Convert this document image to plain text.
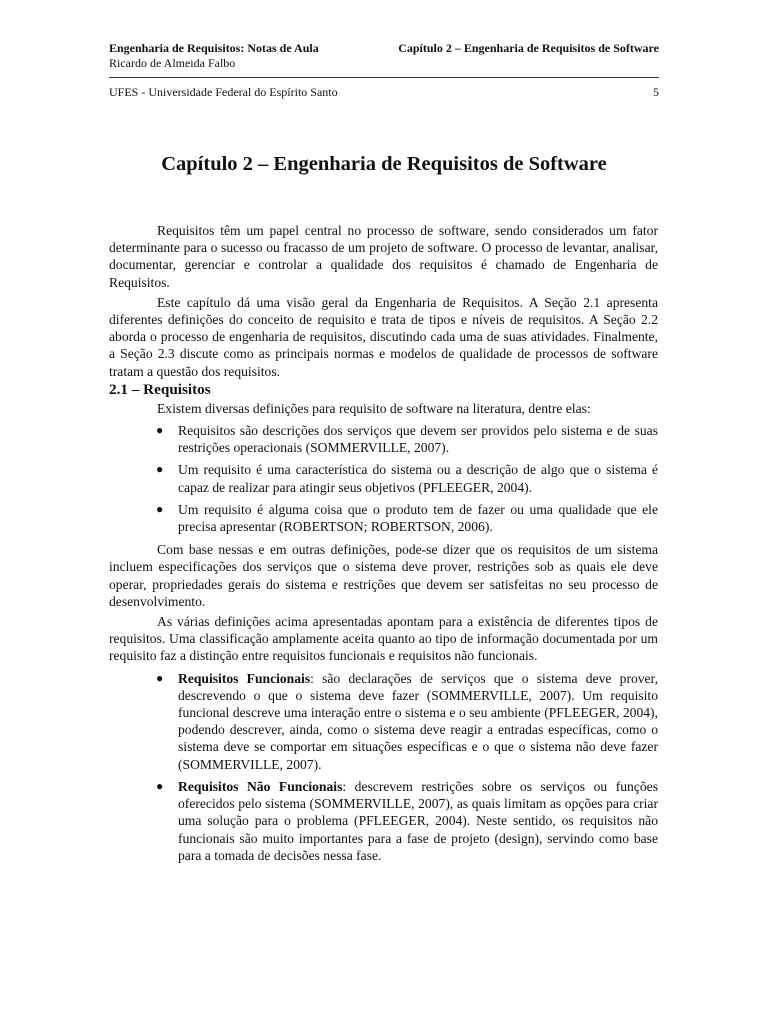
Engenharia de Requisitos: Notas de Aula	Capítulo 2 – Engenharia de Requisitos de Software
Ricardo de Almeida Falbo
UFES - Universidade Federal do Espírito Santo	5
Capítulo 2 – Engenharia de Requisitos de Software

Requisitos têm um papel central no processo de software, sendo considerados um fator determinante para o sucesso ou fracasso de um projeto de software. O processo de levantar, analisar, documentar, gerenciar e controlar a qualidade dos requisitos é chamado de Engenharia de Requisitos.

Este capítulo dá uma visão geral da Engenharia de Requisitos. A Seção 2.1 apresenta diferentes definições do conceito de requisito e trata de tipos e níveis de requisitos. A Seção 2.2 aborda o processo de engenharia de requisitos, discutindo cada uma de suas atividades. Finalmente, a Seção 2.3 discute como as principais normas e modelos de qualidade de processos de software tratam a questão dos requisitos.

2.1 – Requisitos

Existem diversas definições para requisito de software na literatura, dentre elas:

● Requisitos são descrições dos serviços que devem ser providos pelo sistema e de suas restrições operacionais (SOMMERVILLE, 2007).
● Um requisito é uma característica do sistema ou a descrição de algo que o sistema é capaz de realizar para atingir seus objetivos (PFLEEGER, 2004).
● Um requisito é alguma coisa que o produto tem de fazer ou uma qualidade que ele precisa apresentar (ROBERTSON; ROBERTSON, 2006).

Com base nessas e em outras definições, pode-se dizer que os requisitos de um sistema incluem especificações dos serviços que o sistema deve prover, restrições sob as quais ele deve operar, propriedades gerais do sistema e restrições que devem ser satisfeitas no seu processo de desenvolvimento.

As várias definições acima apresentadas apontam para a existência de diferentes tipos de requisitos. Uma classificação amplamente aceita quanto ao tipo de informação documentada por um requisito faz a distinção entre requisitos funcionais e requisitos não funcionais.

● Requisitos Funcionais: são declarações de serviços que o sistema deve prover, descrevendo o que o sistema deve fazer (SOMMERVILLE, 2007). Um requisito funcional descreve uma interação entre o sistema e o seu ambiente (PFLEEGER, 2004), podendo descrever, ainda, como o sistema deve reagir a entradas específicas, como o sistema deve se comportar em situações específicas e o que o sistema não deve fazer (SOMMERVILLE, 2007).
● Requisitos Não Funcionais: descrevem restrições sobre os serviços ou funções oferecidos pelo sistema (SOMMERVILLE, 2007), as quais limitam as opções para criar uma solução para o problema (PFLEEGER, 2004). Neste sentido, os requisitos não funcionais são muito importantes para a fase de projeto (design), servindo como base para a tomada de decisões nessa fase.
